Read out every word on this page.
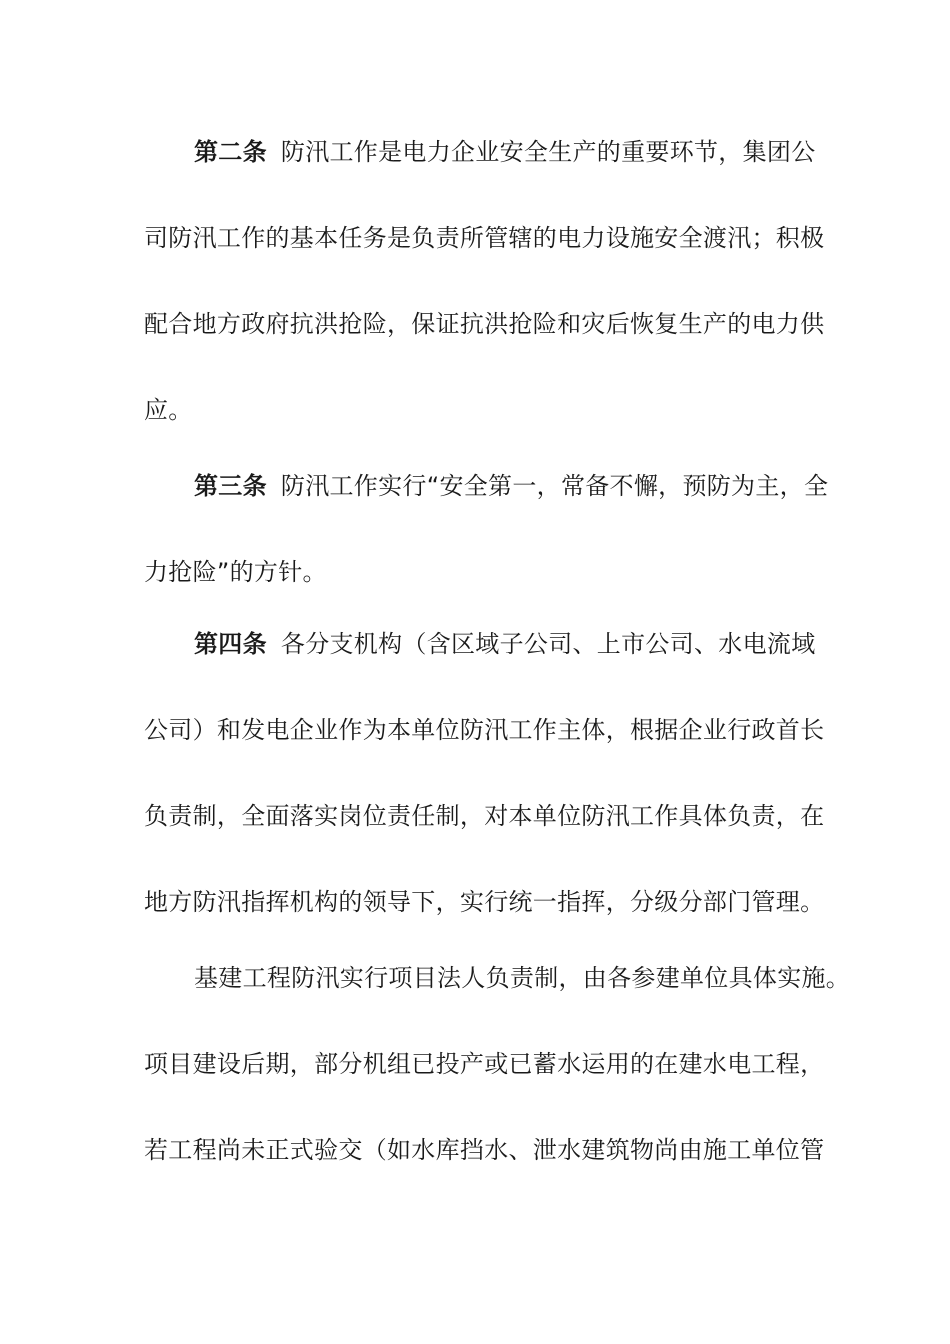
第二条 防汛工作是电力企业安全生产的重要环节，集团公
司防汛工作的基本任务是负责所管辖的电力设施安全渡汛；积极
配合地方政府抗洪抢险，保证抗洪抢险和灾后恢复生产的电力供
应。
第三条 防汛工作实行“安全第一，常备不懈，预防为主，全
力抢险”的方针。
第四条 各分支机构（含区域子公司、上市公司、水电流域
公司）和发电企业作为本单位防汛工作主体，根据企业行政首长
负责制，全面落实岗位责任制，对本单位防汛工作具体负责，在
地方防汛指挥机构的领导下，实行统一指挥，分级分部门管理。
基建工程防汛实行项目法人负责制，由各参建单位具体实施。
项目建设后期，部分机组已投产或已蓄水运用的在建水电工程，
若工程尚未正式验交（如水库挡水、泄水建筑物尚由施工单位管
